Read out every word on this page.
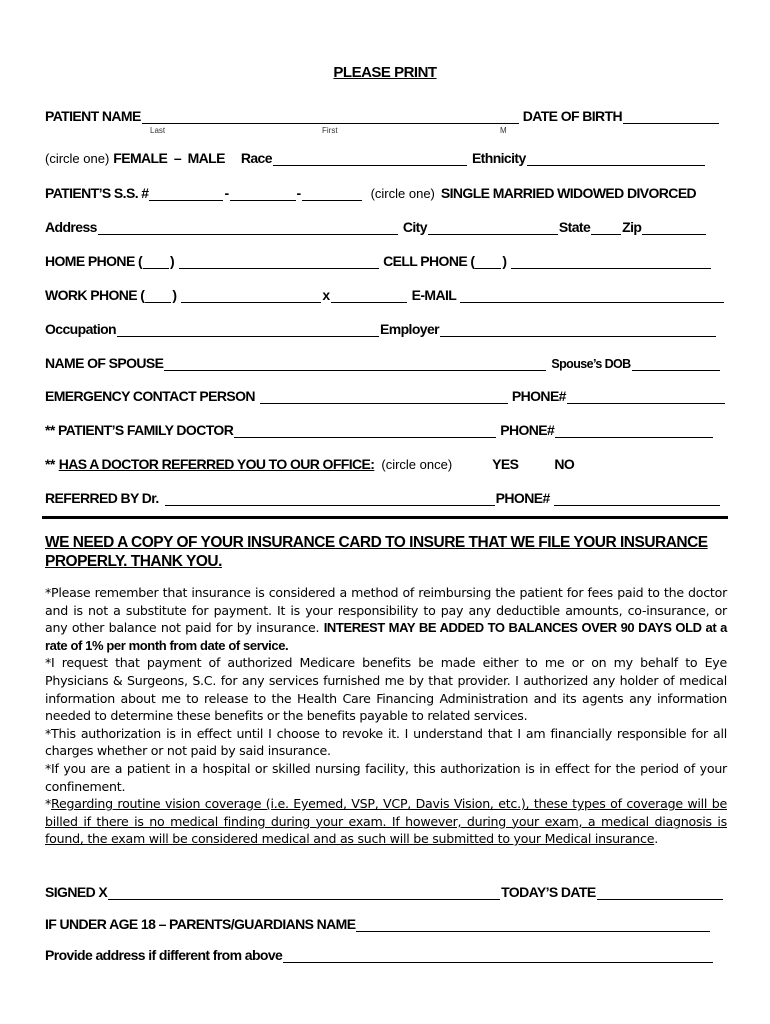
PLEASE PRINT
PATIENT NAME	DATE OF BIRTH
Last	First	M
(circle one) FEMALE  –  MALE Race	Ethnicity
PATIENT’S S.S. #	-	-	(circle one) SINGLE MARRIED WIDOWED DIVORCED
Address	City	State Zip
HOME PHONE ( )	CELL PHONE ( )
WORK PHONE ( )	x	E-MAIL
Occupation	Employer
NAME OF SPOUSE	Spouse’s DOB
EMERGENCY CONTACT PERSON	PHONE#
** PATIENT’S FAMILY DOCTOR	PHONE#
** HAS A DOCTOR REFERRED YOU TO OUR OFFICE: (circle once)	YES	NO
REFERRED BY Dr.	PHONE#
WE NEED A COPY OF YOUR INSURANCE CARD TO INSURE THAT WE FILE YOUR INSURANCE
PROPERLY. THANK YOU.

*Please remember that insurance is considered a method of reimbursing the patient for fees paid to the doctor and is not a substitute for payment. It is your responsibility to pay any deductible amounts, co-insurance, or any other balance not paid for by insurance. INTEREST MAY BE ADDED TO BALANCES OVER 90 DAYS OLD at a rate of 1% per month from date of service.

*I request that payment of authorized Medicare benefits be made either to me or on my behalf to Eye Physicians & Surgeons, S.C. for any services furnished me by that provider. I authorized any holder of medical information about me to release to the Health Care Financing Administration and its agents any information needed to determine these benefits or the benefits payable to related services.

*This authorization is in effect until I choose to revoke it. I understand that I am financially responsible for all charges whether or not paid by said insurance.

*If you are a patient in a hospital or skilled nursing facility, this authorization is in effect for the period of your confinement.

*Regarding routine vision coverage (i.e. Eyemed, VSP, VCP, Davis Vision, etc.), these types of coverage will be billed if there is no medical finding during your exam. If however, during your exam, a medical diagnosis is found, the exam will be considered medical and as such will be submitted to your Medical insurance.

SIGNED X	TODAY’S DATE
IF UNDER AGE 18 – PARENTS/GUARDIANS NAME
Provide address if different from above
